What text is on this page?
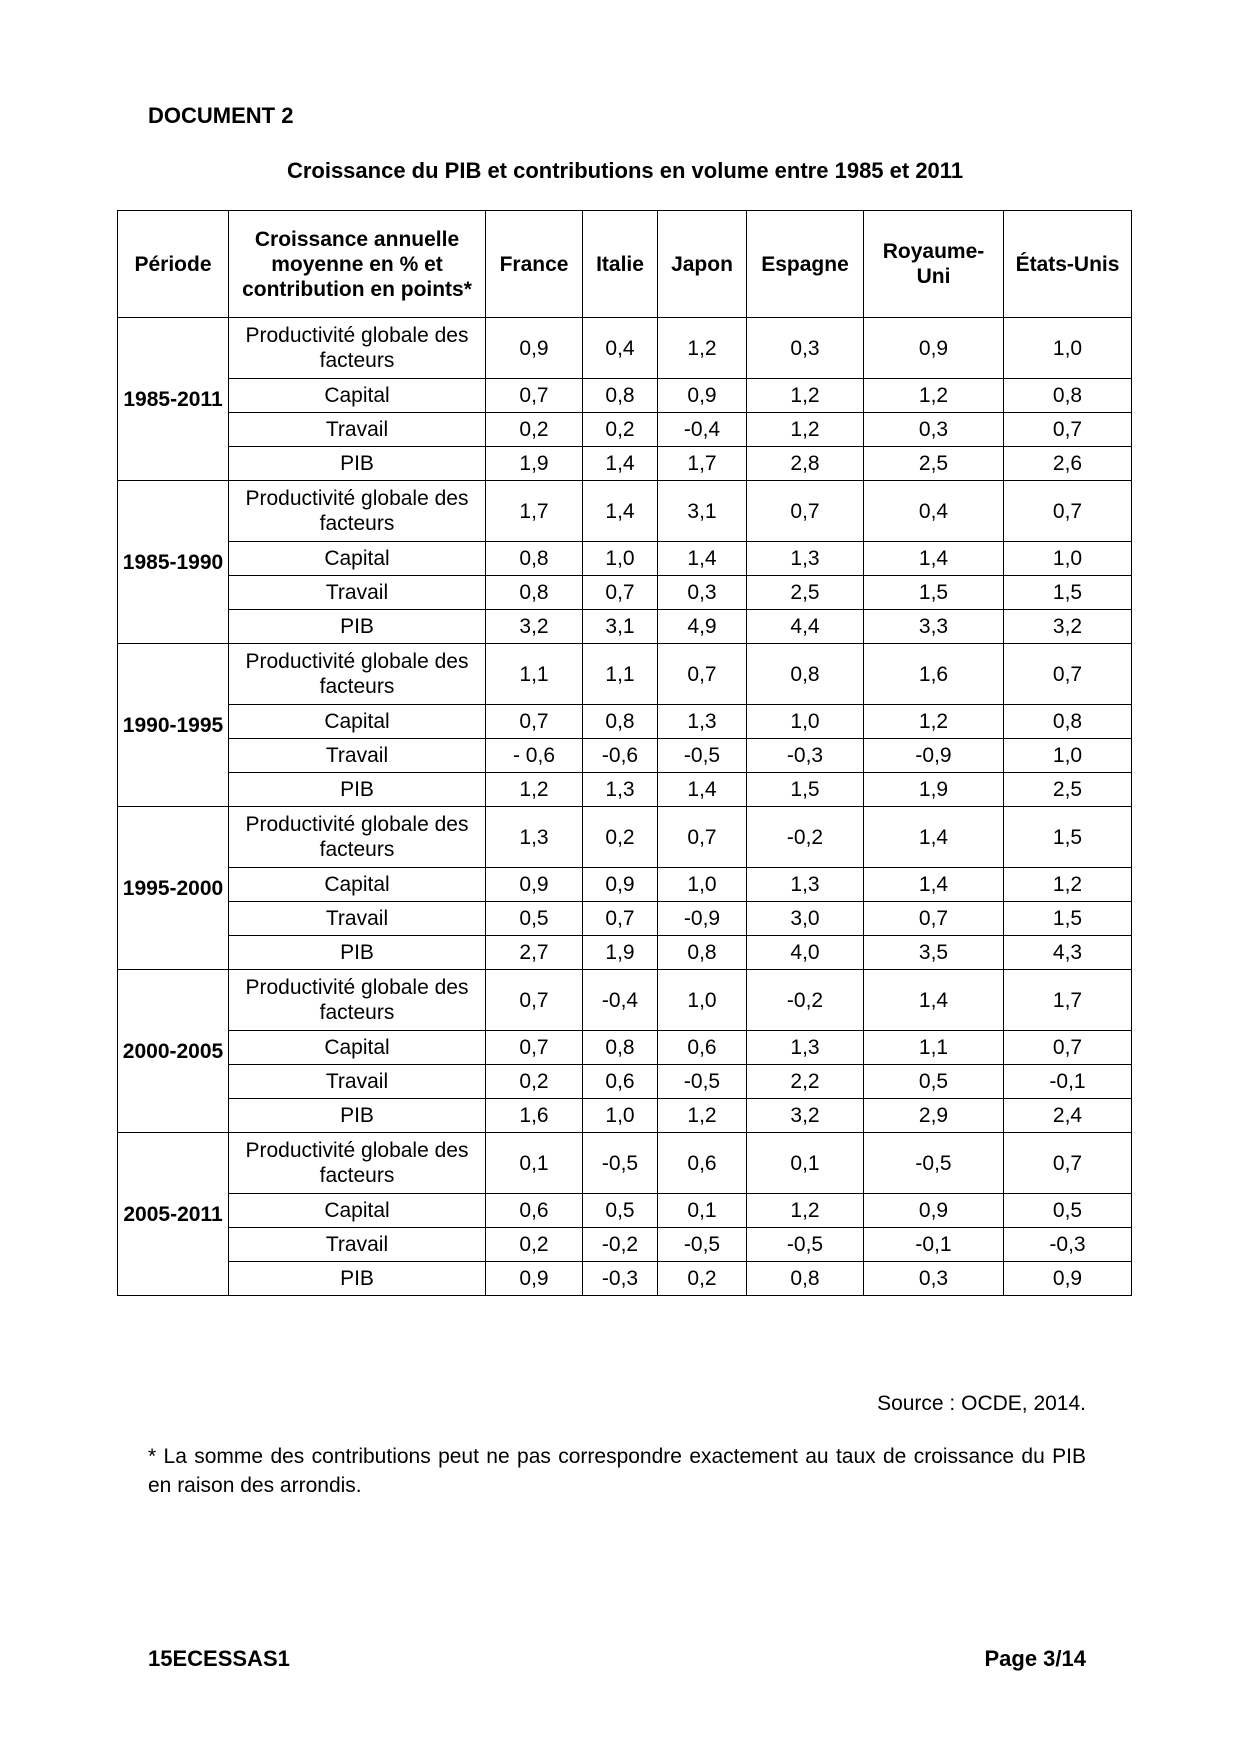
DOCUMENT 2
Croissance du PIB et contributions en volume entre 1985 et 2011
Période	Croissance annuelle moyenne en % et contribution en points*	France	Italie	Japon	Espagne	Royaume-Uni	États-Unis
1985-2011	Productivité globale des facteurs	0,9	0,4	1,2	0,3	0,9	1,0
	Capital	0,7	0,8	0,9	1,2	1,2	0,8
	Travail	0,2	0,2	-0,4	1,2	0,3	0,7
	PIB	1,9	1,4	1,7	2,8	2,5	2,6
1985-1990	Productivité globale des facteurs	1,7	1,4	3,1	0,7	0,4	0,7
	Capital	0,8	1,0	1,4	1,3	1,4	1,0
	Travail	0,8	0,7	0,3	2,5	1,5	1,5
	PIB	3,2	3,1	4,9	4,4	3,3	3,2
1990-1995	Productivité globale des facteurs	1,1	1,1	0,7	0,8	1,6	0,7
	Capital	0,7	0,8	1,3	1,0	1,2	0,8
	Travail	- 0,6	-0,6	-0,5	-0,3	-0,9	1,0
	PIB	1,2	1,3	1,4	1,5	1,9	2,5
1995-2000	Productivité globale des facteurs	1,3	0,2	0,7	-0,2	1,4	1,5
	Capital	0,9	0,9	1,0	1,3	1,4	1,2
	Travail	0,5	0,7	-0,9	3,0	0,7	1,5
	PIB	2,7	1,9	0,8	4,0	3,5	4,3
2000-2005	Productivité globale des facteurs	0,7	-0,4	1,0	-0,2	1,4	1,7
	Capital	0,7	0,8	0,6	1,3	1,1	0,7
	Travail	0,2	0,6	-0,5	2,2	0,5	-0,1
	PIB	1,6	1,0	1,2	3,2	2,9	2,4
2005-2011	Productivité globale des facteurs	0,1	-0,5	0,6	0,1	-0,5	0,7
	Capital	0,6	0,5	0,1	1,2	0,9	0,5
	Travail	0,2	-0,2	-0,5	-0,5	-0,1	-0,3
	PIB	0,9	-0,3	0,2	0,8	0,3	0,9
Source : OCDE, 2014.
* La somme des contributions peut ne pas correspondre exactement au taux de croissance du PIB en raison des arrondis.
15ECESSAS1	Page 3/14
